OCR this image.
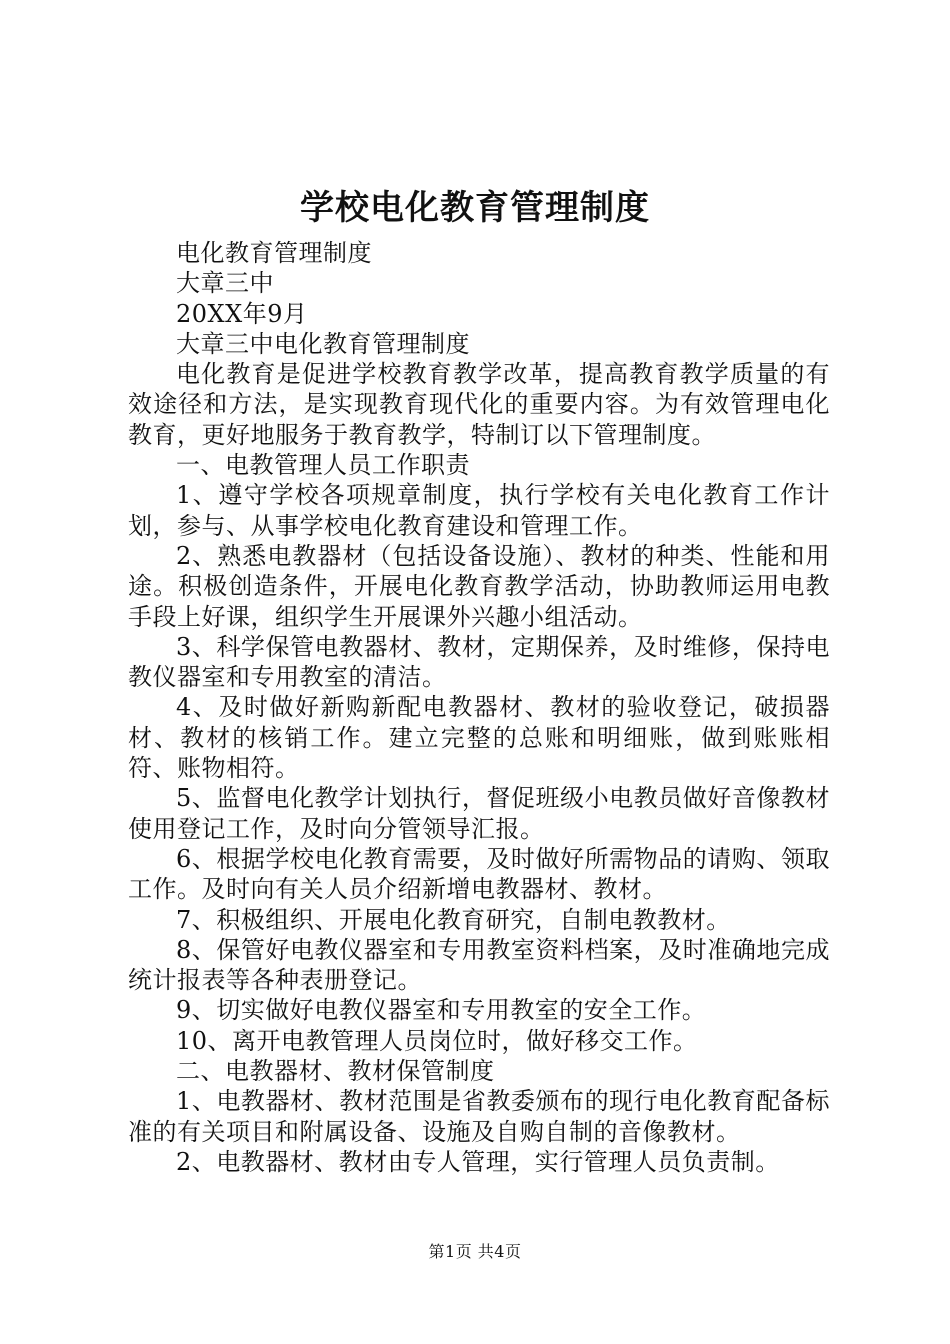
学校电化教育管理制度

电化教育管理制度

大章三中

20XX年9月

大章三中电化教育管理制度

电化教育是促进学校教育教学改革，提高教育教学质量的有效途径和方法，是实现教育现代化的重要内容。为有效管理电化教育，更好地服务于教育教学，特制订以下管理制度。

一、电教管理人员工作职责

1、遵守学校各项规章制度，执行学校有关电化教育工作计划，参与、从事学校电化教育建设和管理工作。

2、熟悉电教器材（包括设备设施）、教材的种类、性能和用途。积极创造条件，开展电化教育教学活动，协助教师运用电教手段上好课，组织学生开展课外兴趣小组活动。

3、科学保管电教器材、教材，定期保养，及时维修，保持电教仪器室和专用教室的清洁。

4、及时做好新购新配电教器材、教材的验收登记，破损器材、教材的核销工作。建立完整的总账和明细账，做到账账相符、账物相符。

5、监督电化教学计划执行，督促班级小电教员做好音像教材使用登记工作，及时向分管领导汇报。

6、根据学校电化教育需要，及时做好所需物品的请购、领取工作。及时向有关人员介绍新增电教器材、教材。

7、积极组织、开展电化教育研究，自制电教教材。

8、保管好电教仪器室和专用教室资料档案，及时准确地完成统计报表等各种表册登记。

9、切实做好电教仪器室和专用教室的安全工作。

10、离开电教管理人员岗位时，做好移交工作。

二、电教器材、教材保管制度

1、电教器材、教材范围是省教委颁布的现行电化教育配备标准的有关项目和附属设备、设施及自购自制的音像教材。

2、电教器材、教材由专人管理，实行管理人员负责制。

第1页 共4页
